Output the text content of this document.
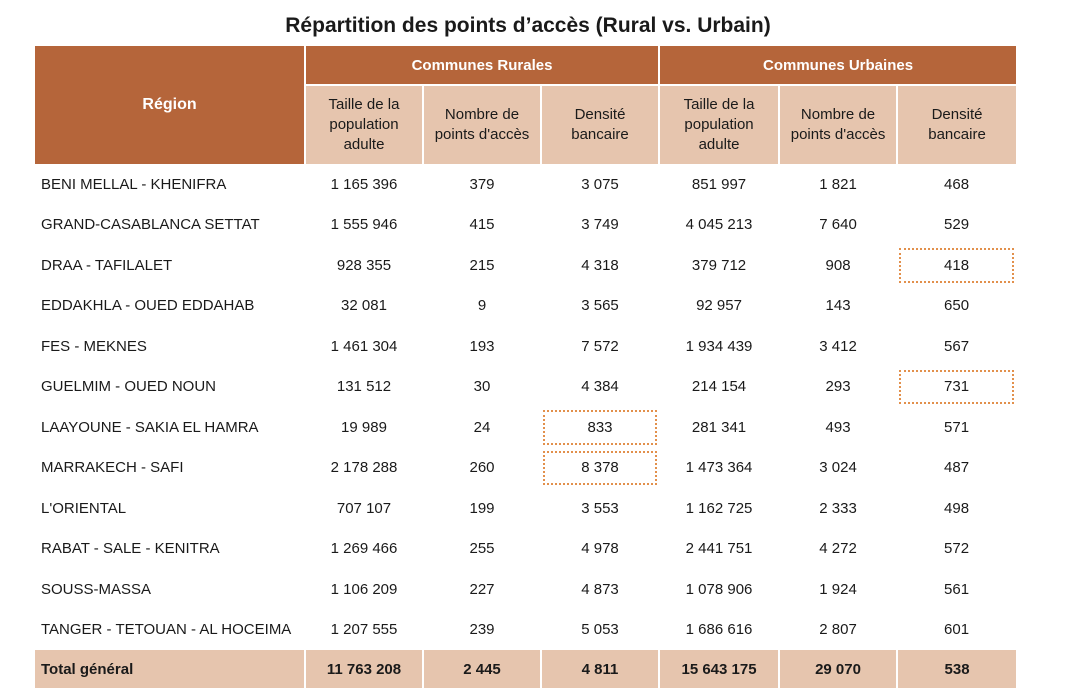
Répartition des points d’accès (Rural vs. Urbain)
Région	Communes Rurales			Communes Urbaines		
	Taille de la population adulte	Nombre de points d'accès	Densité bancaire	Taille de la population adulte	Nombre de points d'accès	Densité bancaire
BENI MELLAL - KHENIFRA	1 165 396	379	3 075	851 997	1 821	468
GRAND-CASABLANCA SETTAT	1 555 946	415	3 749	4 045 213	7 640	529
DRAA - TAFILALET	928 355	215	4 318	379 712	908	418

EDDAKHLA - OUED EDDAHAB	32 081	9	3 565	92 957	143	650
FES - MEKNES	1 461 304	193	7 572	1 934 439	3 412	567
GUELMIM - OUED NOUN	131 512	30	4 384	214 154	293	731

LAAYOUNE - SAKIA EL HAMRA	19 989	24	833	281 341	493	571
MARRAKECH - SAFI	2 178 288	260	8 378	1 473 364	3 024	487
L'ORIENTAL	707 107	199	3 553	1 162 725	2 333	498
RABAT - SALE - KENITRA	1 269 466	255	4 978	2 441 751	4 272	572
SOUSS-MASSA	1 106 209	227	4 873	1 078 906	1 924	561
TANGER - TETOUAN - AL HOCEIMA	1 207 555	239	5 053	1 686 616	2 807	601
Total général	11 763 208	2 445	4 811	15 643 175	29 070	538
